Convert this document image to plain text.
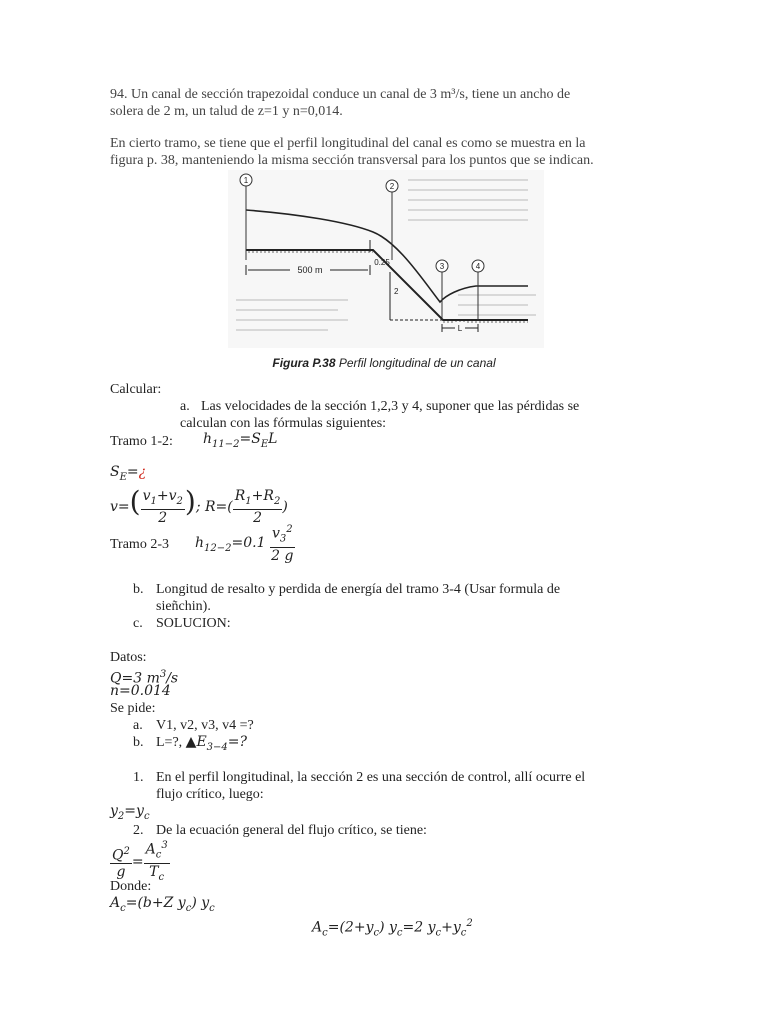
94. Un canal de sección trapezoidal conduce un canal de 3 m³/s, tiene un ancho de
solera de 2 m, un talud de z=1 y n=0,014.
En cierto tramo, se tiene que el perfil longitudinal del canal es como se muestra en la
figura p. 38, manteniendo la misma sección transversal para los puntos que se indican.
1
2
3	4
500 m
0.25
2
L
Figura P.38 Perfil longitudinal de un canal
Calcular:
a. Las velocidades de la sección 1,2,3 y 4, suponer que las pérdidas se
calculan con las fórmulas siguientes:
Tramo 1-2: $h_{11-2}=S_EL$
$S_E=¿$
$v=( \frac{v_1+v_2}{2}$ ); $R=( \frac{R_1+R_2}{2}$ )
Tramo 2-3 $h_{12-2}=0.1 \frac{v_3^2}{2 g}$
b. Longitud de resalto y perdida de energía del tramo 3-4 (Usar formula de
sieñchin).
c. SOLUCION:
Datos:
Q=3 $m^3/s$
n=0.014
Se pide:
a. V1, v2, v3, v4 =?
b. L=?, $▲E_{3-4}=$?
1. En el perfil longitudinal, la sección 2 es una sección de control, allí ocurre el
flujo crítico, luego:
$y_2=y_c$
2. De la ecuación general del flujo crítico, se tiene:
$\frac{Q^2}{g} = \frac{A_c^3}{T_c}$
Donde:
$A_c=(b+Z$ $y_c$) $y_c$
$A_c=(2+y_c)$ $y_c=2$ $y_c+y_c^2$
